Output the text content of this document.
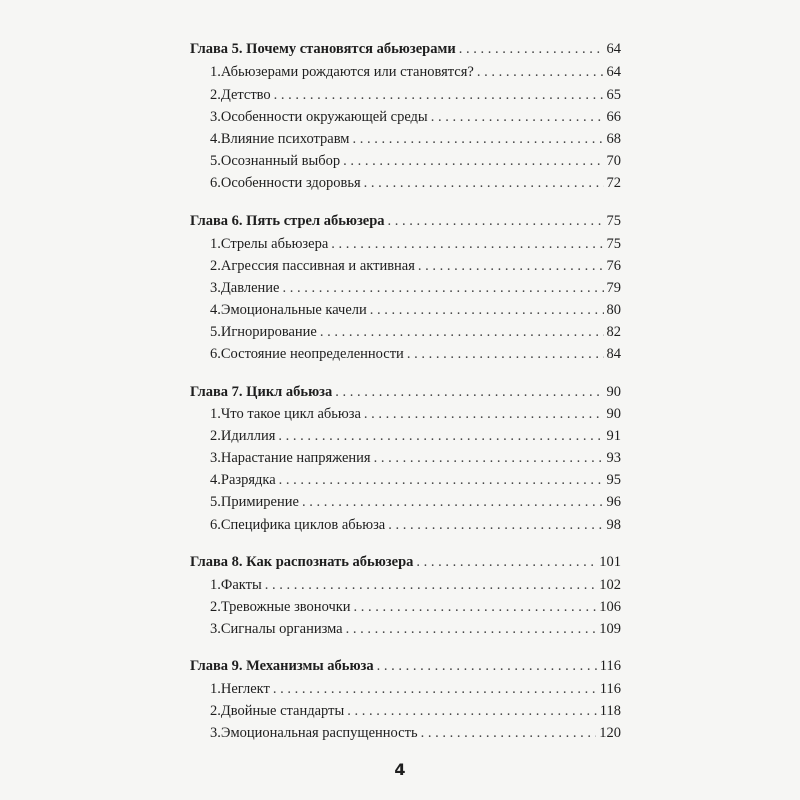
Глава 5. Почему становятся абьюзерами . . .	64
1. Абьюзерами рождаются или становятся? . . .	64
2. Детство . . .	65
3. Особенности окружающей среды . . .	66
4. Влияние психотравм . . .	68
5. Осознанный выбор . . .	70
6. Особенности здоровья . . .	72
Глава 6. Пять стрел абьюзера . . .	75
1. Стрелы абьюзера . . .	75
2. Агрессия пассивная и активная . . .	76
3. Давление . . .	79
4. Эмоциональные качели . . .	80
5. Игнорирование . . .	82
6. Состояние неопределенности . . .	84
Глава 7. Цикл абьюза . . .	90
1. Что такое цикл абьюза . . .	90
2. Идиллия . . .	91
3. Нарастание напряжения . . .	93
4. Разрядка . . .	95
5. Примирение . . .	96
6. Специфика циклов абьюза . . .	98
Глава 8. Как распознать абьюзера . . .	101
1. Факты . . .	102
2. Тревожные звоночки . . .	106
3. Сигналы организма . . .	109
Глава 9. Механизмы абьюза . . .	116
1. Неглект . . .	116
2. Двойные стандарты . . .	118
3. Эмоциональная распущенность . . .	120
4
